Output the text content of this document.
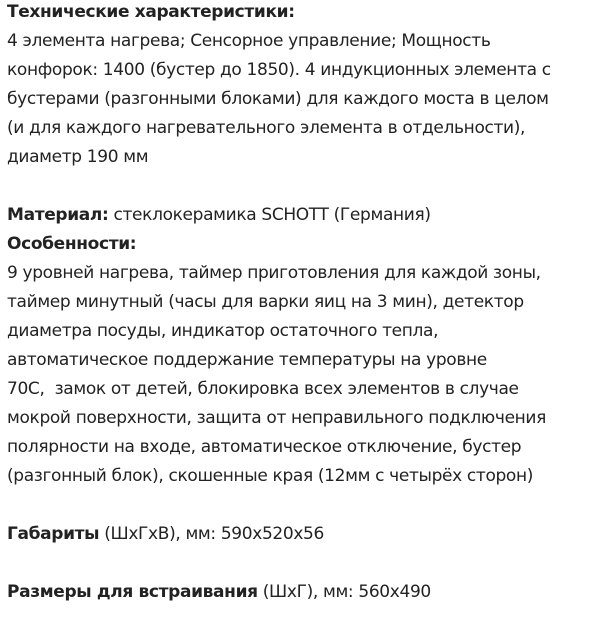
Технические характеристики:
4 элемента нагрева; Сенсорное управление; Мощность
конфорок: 1400 (бустер до 1850). 4 индукционных элемента с
бустерами (разгонными блоками) для каждого моста в целом
(и для каждого нагревательного элемента в отдельности),
диаметр 190 мм
Материал: стеклокерамика SCHOTT (Германия)
Особенности:
9 уровней нагрева, таймер приготовления для каждой зоны,
таймер минутный (часы для варки яиц на 3 мин), детектор
диаметра посуды, индикатор остаточного тепла,
автоматическое поддержание температуры на уровне
70С,  замок от детей, блокировка всех элементов в случае
мокрой поверхности, защита от неправильного подключения
полярности на входе, автоматическое отключение, бустер
(разгонный блок), скошенные края (12мм с четырёх сторон)
Габариты (ШхГхВ), мм: 590x520x56
Размеры для встраивания (ШхГ), мм: 560x490
